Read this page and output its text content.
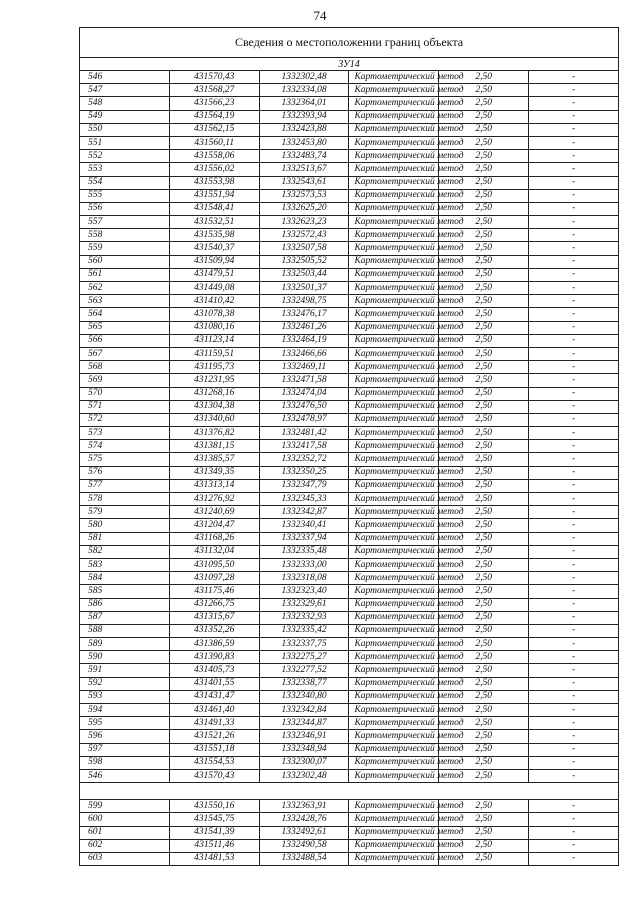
74
Сведения о местоположении границ объекта					
ЗУ14					
546	431570,43	1332302,48	Картометрический метод	2,50	-
547	431568,27	1332334,08	Картометрический метод	2,50	-
548	431566,23	1332364,01	Картометрический метод	2,50	-
549	431564,19	1332393,94	Картометрический метод	2,50	-
550	431562,15	1332423,88	Картометрический метод	2,50	-
551	431560,11	1332453,80	Картометрический метод	2,50	-
552	431558,06	1332483,74	Картометрический метод	2,50	-
553	431556,02	1332513,67	Картометрический метод	2,50	-
554	431553,98	1332543,61	Картометрический метод	2,50	-
555	431551,94	1332573,53	Картометрический метод	2,50	-
556	431548,41	1332625,20	Картометрический метод	2,50	-
557	431532,51	1332623,23	Картометрический метод	2,50	-
558	431535,98	1332572,43	Картометрический метод	2,50	-
559	431540,37	1332507,58	Картометрический метод	2,50	-
560	431509,94	1332505,52	Картометрический метод	2,50	-
561	431479,51	1332503,44	Картометрический метод	2,50	-
562	431449,08	1332501,37	Картометрический метод	2,50	-
563	431410,42	1332498,75	Картометрический метод	2,50	-
564	431078,38	1332476,17	Картометрический метод	2,50	-
565	431080,16	1332461,26	Картометрический метод	2,50	-
566	431123,14	1332464,19	Картометрический метод	2,50	-
567	431159,51	1332466,66	Картометрический метод	2,50	-
568	431195,73	1332469,11	Картометрический метод	2,50	-
569	431231,95	1332471,58	Картометрический метод	2,50	-
570	431268,16	1332474,04	Картометрический метод	2,50	-
571	431304,38	1332476,50	Картометрический метод	2,50	-
572	431340,60	1332478,97	Картометрический метод	2,50	-
573	431376,82	1332481,42	Картометрический метод	2,50	-
574	431381,15	1332417,58	Картометрический метод	2,50	-
575	431385,57	1332352,72	Картометрический метод	2,50	-
576	431349,35	1332350,25	Картометрический метод	2,50	-
577	431313,14	1332347,79	Картометрический метод	2,50	-
578	431276,92	1332345,33	Картометрический метод	2,50	-
579	431240,69	1332342,87	Картометрический метод	2,50	-
580	431204,47	1332340,41	Картометрический метод	2,50	-
581	431168,26	1332337,94	Картометрический метод	2,50	-
582	431132,04	1332335,48	Картометрический метод	2,50	-
583	431095,50	1332333,00	Картометрический метод	2,50	-
584	431097,28	1332318,08	Картометрический метод	2,50	-
585	431175,46	1332323,40	Картометрический метод	2,50	-
586	431266,75	1332329,61	Картометрический метод	2,50	-
587	431315,67	1332332,93	Картометрический метод	2,50	-
588	431352,26	1332335,42	Картометрический метод	2,50	-
589	431386,59	1332337,75	Картометрический метод	2,50	-
590	431390,83	1332275,27	Картометрический метод	2,50	-
591	431405,73	1332277,52	Картометрический метод	2,50	-
592	431401,55	1332338,77	Картометрический метод	2,50	-
593	431431,47	1332340,80	Картометрический метод	2,50	-
594	431461,40	1332342,84	Картометрический метод	2,50	-
595	431491,33	1332344,87	Картометрический метод	2,50	-
596	431521,26	1332346,91	Картометрический метод	2,50	-
597	431551,18	1332348,94	Картометрический метод	2,50	-
598	431554,53	1332300,07	Картометрический метод	2,50	-
546	431570,43	1332302,48	Картометрический метод	2,50	-

599	431550,16	1332363,91	Картометрический метод	2,50	-
600	431545,75	1332428,76	Картометрический метод	2,50	-
601	431541,39	1332492,61	Картометрический метод	2,50	-
602	431511,46	1332490,58	Картометрический метод	2,50	-
603	431481,53	1332488,54	Картометрический метод	2,50	-
